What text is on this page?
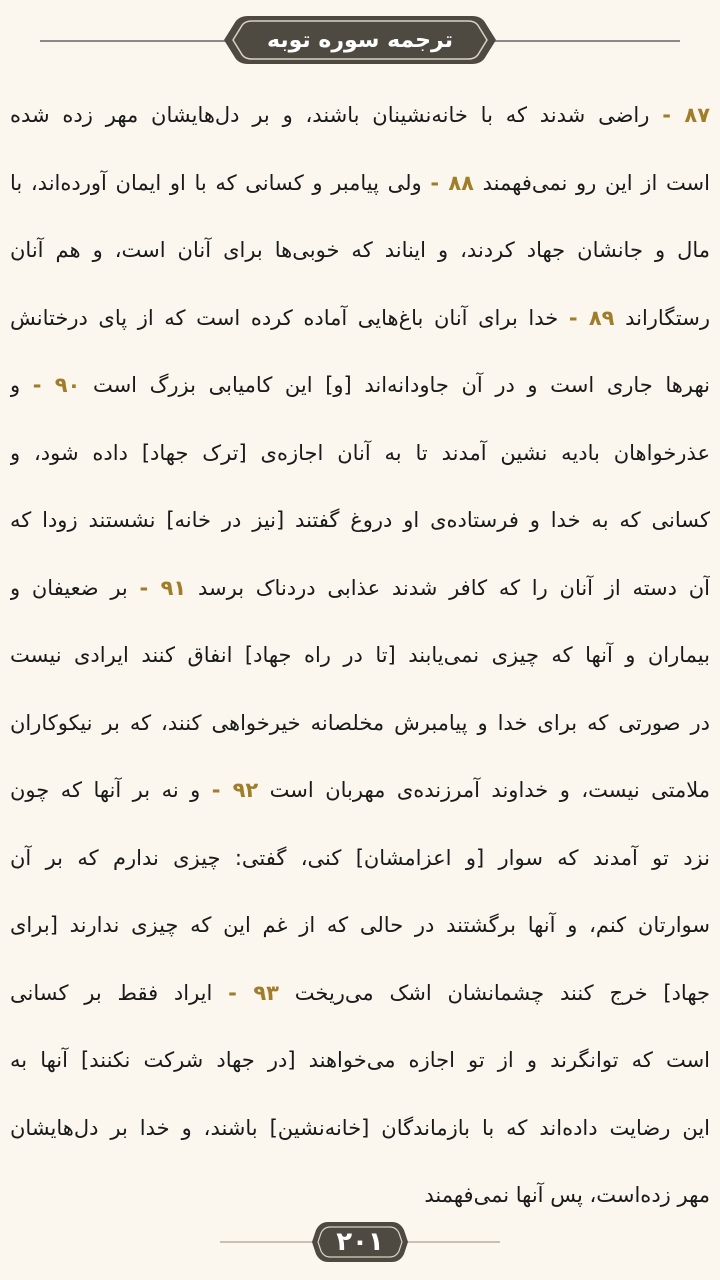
ترجمه سوره توبه
۸۷ - راضی شدند که با خانه‌نشینان باشند، و بر دل‌هایشان مهر زده شده
است از این رو نمی‌فهمند ۸۸ - ولی پیامبر و کسانی که با او ایمان آورده‌اند، با
مال و جانشان جهاد کردند، و ایناند که خوبی‌ها برای آنان است، و هم آنان
رستگاراند ۸۹ - خدا برای آنان باغ‌هایی آماده کرده است که از پای درختانش
نهرها جاری است و در آن جاودانه‌اند [و] این کامیابی بزرگ است ۹۰ - و
عذرخواهان بادیه نشین آمدند تا به آنان اجازه‌ی [ترک جهاد] داده شود، و
کسانی که به خدا و فرستاده‌ی او دروغ گفتند [نیز در خانه] نشستند زود‌ا که
آن دسته از آنان را که کافر شدند عذابی دردناک برسد ۹۱ - بر ضعیفان و
بیماران و آنها که چیزی نمی‌یابند [تا در راه جهاد] انفاق کنند ایرادی نیست
در صورتی که برای خدا و پیامبرش مخلصانه خیرخواهی کنند، که بر نیکوکاران
ملامتی نیست، و خداوند آمرزنده‌ی مهربان است ۹۲ - و نه بر آنها که چون
نزد تو آمدند که سوار [و اعزامشان] کنی، گفتی: چیزی ندارم که بر آن
سوارتان کنم، و آنها برگشتند در حالی که از غم این که چیزی ندارند [برای
جهاد] خرج کنند چشمانشان اشک می‌ریخت ۹۳ - ایراد فقط بر کسانی
است که توانگرند و از تو اجازه می‌خواهند [در جهاد شرکت نکنند] آنها به
این رضایت داده‌اند که با بازماندگان [خانه‌نشین] باشند، و خدا بر دل‌هایشان
مهر زده‌است، پس آنها نمی‌فهمند
۲۰۱
